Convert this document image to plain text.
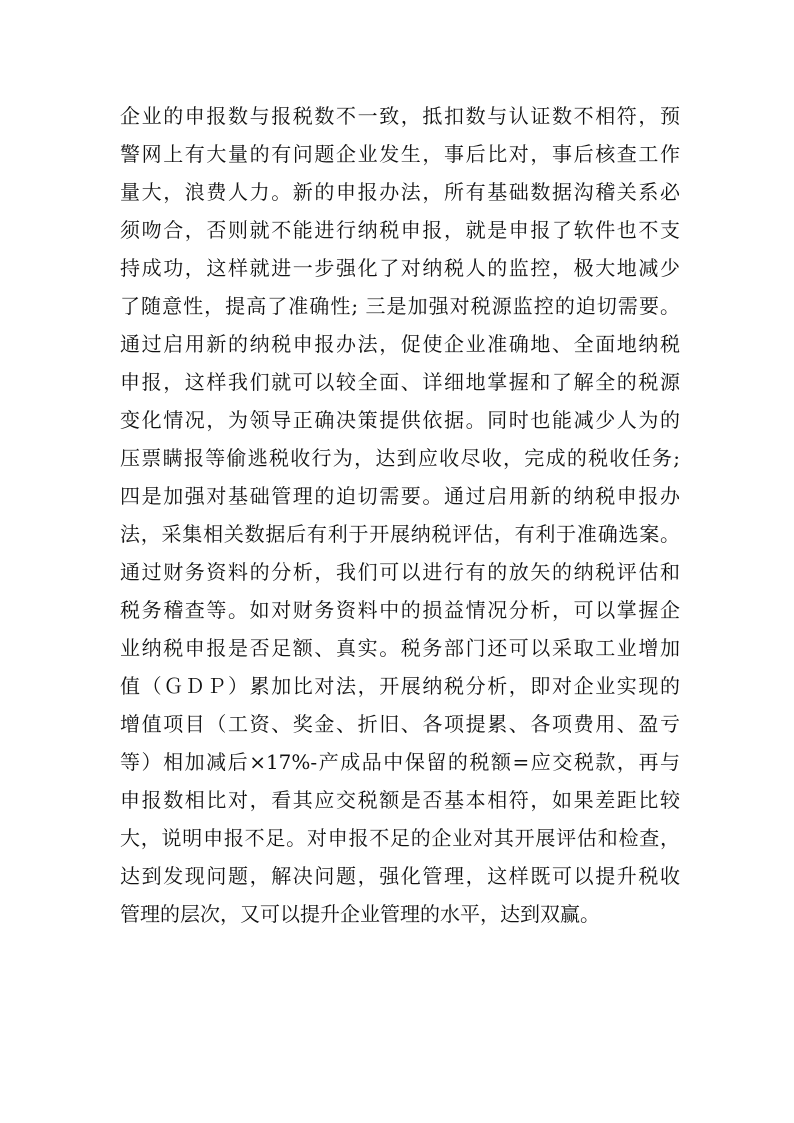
企业的申报数与报税数不一致，抵扣数与认证数不相符，预
警网上有大量的有问题企业发生，事后比对，事后核查工作
量大，浪费人力。新的申报办法，所有基础数据沟稽关系必
须吻合，否则就不能进行纳税申报，就是申报了软件也不支
持成功，这样就进一步强化了对纳税人的监控，极大地减少
了随意性，提高了准确性; 三是加强对税源监控的迫切需要。
通过启用新的纳税申报办法，促使企业准确地、全面地纳税
申报，这样我们就可以较全面、详细地掌握和了解全的税源
变化情况，为领导正确决策提供依据。同时也能减少人为的
压票瞒报等偷逃税收行为，达到应收尽收，完成的税收任务;
四是加强对基础管理的迫切需要。通过启用新的纳税申报办
法，采集相关数据后有利于开展纳税评估，有利于准确选案。
通过财务资料的分析，我们可以进行有的放矢的纳税评估和
税务稽查等。如对财务资料中的损益情况分析，可以掌握企
业纳税申报是否足额、真实。税务部门还可以采取工业增加
值（ＧＤＰ）累加比对法，开展纳税分析，即对企业实现的
增值项目（工资、奖金、折旧、各项提累、各项费用、盈亏
等）相加减后×17%-产成品中保留的税额=应交税款，再与
申报数相比对，看其应交税额是否基本相符，如果差距比较
大，说明申报不足。对申报不足的企业对其开展评估和检查，
达到发现问题，解决问题，强化管理，这样既可以提升税收
管理的层次，又可以提升企业管理的水平，达到双赢。
